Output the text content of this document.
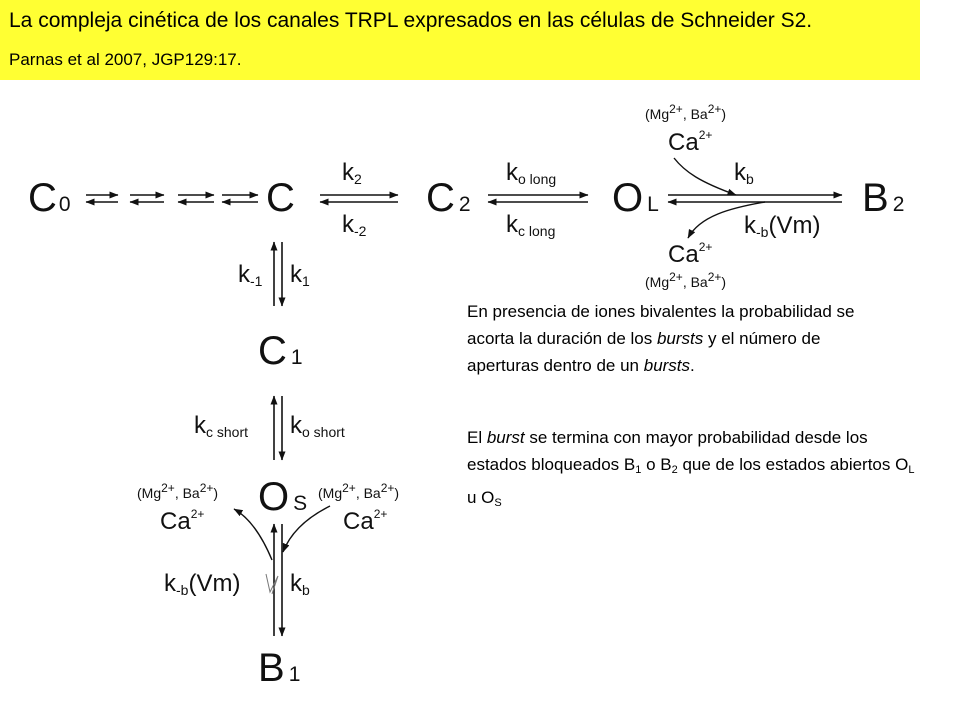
La compleja cinética de los canales TRPL expresados en las células de Schneider S2.
Parnas et al 2007, JGP129:17.
C0	C	C 2	O L	B 2
k2
k-2
ko long
kc long
kb
k-b(Vm)
(Mg2+, Ba2+)
$Ca^{2+}$
$Ca^{2+}$
(Mg2+, Ba2+)
k-1 k1
C 1
kc short ko short
O S
(Mg2+, Ba2+)
$Ca^{2+}$
(Mg2+, Ba2+)
$Ca^{2+}$
k-b(Vm) kb
B 1
En presencia de iones bivalentes la probabilidad se acorta la duración de los bursts y el número de aperturas dentro de un bursts.
El burst se termina con mayor probabilidad desde los estados bloqueados $B_1$ o $B_2$ que de los estados abiertos $O_L$ u $O_S$
